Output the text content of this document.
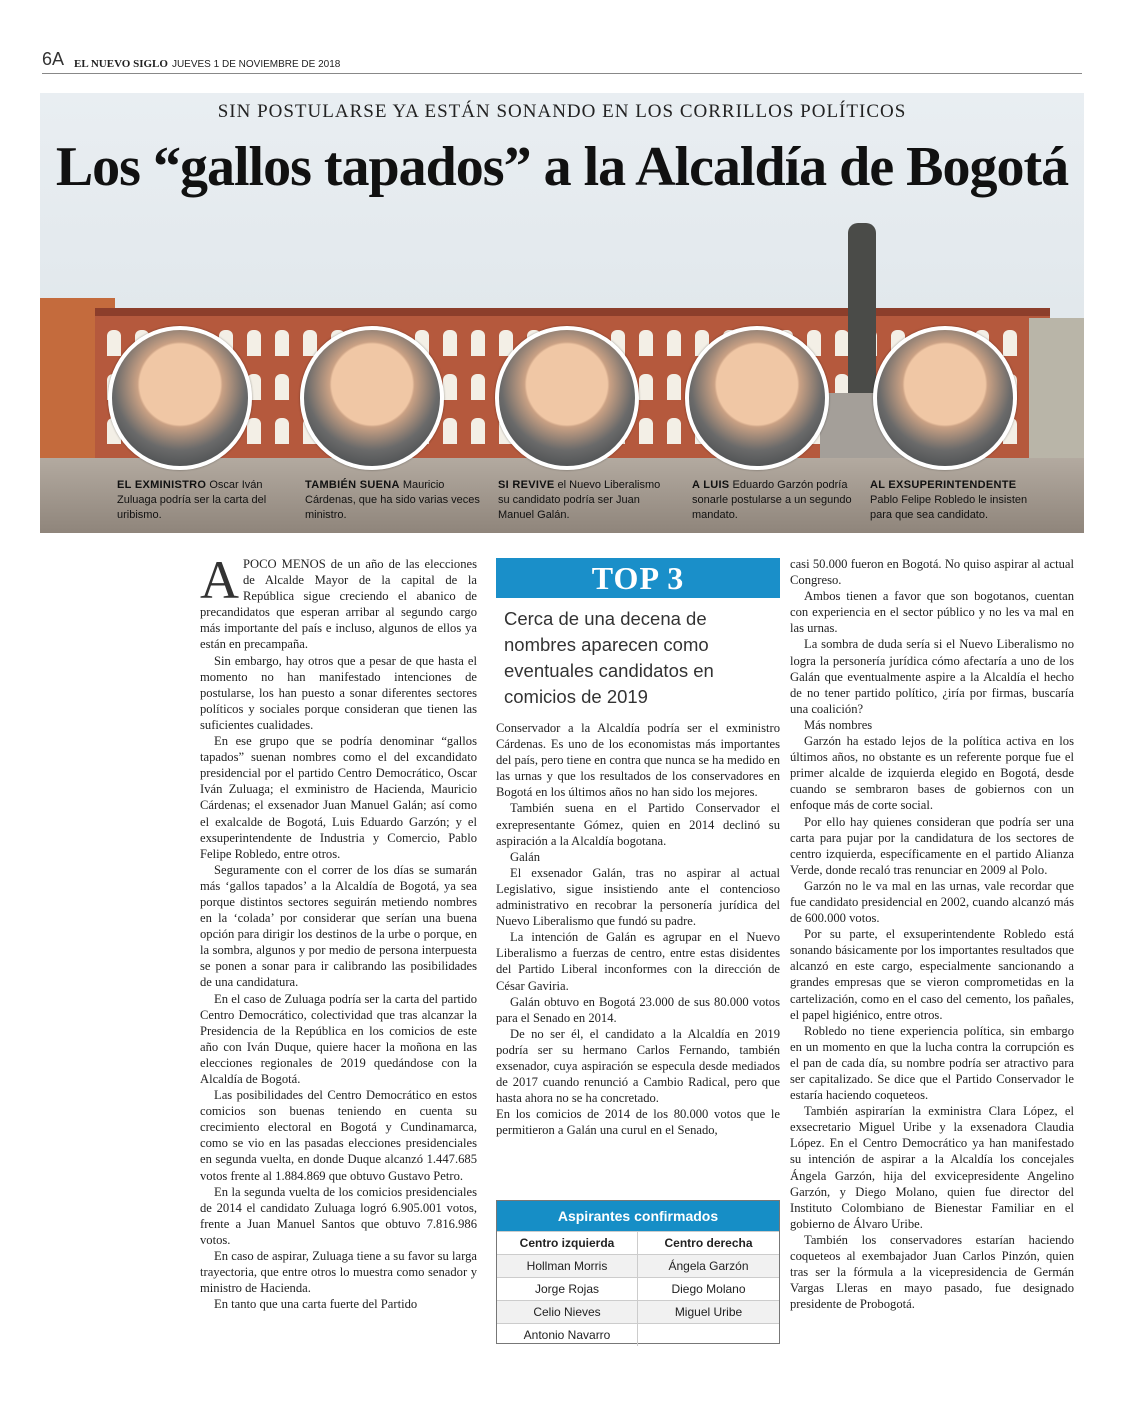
6A EL NUEVO SIGLO JUEVES 1 DE NOVIEMBRE DE 2018
SIN POSTULARSE YA ESTÁN SONANDO EN LOS CORRILLOS POLÍTICOS
Los “gallos tapados” a la Alcaldía de Bogotá
EL EXMINISTRO Oscar Iván Zuluaga podría ser la carta del uribismo.
TAMBIÉN SUENA Mauricio Cárdenas, que ha sido varias veces ministro.
SI REVIVE el Nuevo Liberalismo su candidato podría ser Juan Manuel Galán.
A LUIS Eduardo Garzón podría sonarle postularse a un segundo mandato.
AL EXSUPERINTENDENTE Pablo Felipe Robledo le insisten para que sea candidato.

APOCO MENOS de un año de las elecciones de Alcalde Mayor de la capital de la República sigue creciendo el abanico de precandidatos que esperan arribar al segundo cargo más importante del país e incluso, algunos de ellos ya están en precampaña.

Sin embargo, hay otros que a pesar de que hasta el momento no han manifestado intenciones de postularse, los han puesto a sonar diferentes sectores políticos y sociales porque consideran que tienen las suficientes cualidades.

En ese grupo que se podría denominar “gallos tapados” suenan nombres como el del excandidato presidencial por el partido Centro Democrático, Oscar Iván Zuluaga; el exministro de Hacienda, Mauricio Cárdenas; el exsenador Juan Manuel Galán; así como el exalcalde de Bogotá, Luis Eduardo Garzón; y el exsuperintendente de Industria y Comercio, Pablo Felipe Robledo, entre otros.

Seguramente con el correr de los días se sumarán más ‘gallos tapados’ a la Alcaldía de Bogotá, ya sea porque distintos sectores seguirán metiendo nombres en la ‘colada’ por considerar que serían una buena opción para dirigir los destinos de la urbe o porque, en la sombra, algunos y por medio de persona interpuesta se ponen a sonar para ir calibrando las posibilidades de una candidatura.

En el caso de Zuluaga podría ser la carta del partido Centro Democrático, colectividad que tras alcanzar la Presidencia de la República en los comicios de este año con Iván Duque, quiere hacer la moñona en las elecciones regionales de 2019 quedándose con la Alcaldía de Bogotá.

Las posibilidades del Centro Democrático en estos comicios son buenas teniendo en cuenta su crecimiento electoral en Bogotá y Cundinamarca, como se vio en las pasadas elecciones presidenciales en segunda vuelta, en donde Duque alcanzó 1.447.685 votos frente al 1.884.869 que obtuvo Gustavo Petro.

En la segunda vuelta de los comicios presidenciales de 2014 el candidato Zuluaga logró 6.905.001 votos, frente a Juan Manuel Santos que obtuvo 7.816.986 votos.

En caso de aspirar, Zuluaga tiene a su favor su larga trayectoria, que entre otros lo muestra como senador y ministro de Hacienda.

En tanto que una carta fuerte del Partido

TOP 3
Cerca de una decena de nombres aparecen como eventuales candidatos en comicios de 2019

Conservador a la Alcaldía podría ser el exministro Cárdenas. Es uno de los economistas más importantes del país, pero tiene en contra que nunca se ha medido en las urnas y que los resultados de los conservadores en Bogotá en los últimos años no han sido los mejores.

También suena en el Partido Conservador el exrepresentante Gómez, quien en 2014 declinó su aspiración a la Alcaldía bogotana.

Galán

El exsenador Galán, tras no aspirar al actual Legislativo, sigue insistiendo ante el contencioso administrativo en recobrar la personería jurídica del Nuevo Liberalismo que fundó su padre.

La intención de Galán es agrupar en el Nuevo Liberalismo a fuerzas de centro, entre estas disidentes del Partido Liberal inconformes con la dirección de César Gaviria.

Galán obtuvo en Bogotá 23.000 de sus 80.000 votos para el Senado en 2014.

De no ser él, el candidato a la Alcaldía en 2019 podría ser su hermano Carlos Fernando, también exsenador, cuya aspiración se especula desde mediados de 2017 cuando renunció a Cambio Radical, pero que hasta ahora no se ha concretado.

En los comicios de 2014 de los 80.000 votos que le permitieron a Galán una curul en el Senado,

Aspirantes confirmados
Centro izquierda	Centro derecha
Hollman Morris	Ángela Garzón
Jorge Rojas	Diego Molano
Celio Nieves	Miguel Uribe
Antonio Navarro

casi 50.000 fueron en Bogotá. No quiso aspirar al actual Congreso.

Ambos tienen a favor que son bogotanos, cuentan con experiencia en el sector público y no les va mal en las urnas.

La sombra de duda sería si el Nuevo Liberalismo no logra la personería jurídica cómo afectaría a uno de los Galán que eventualmente aspire a la Alcaldía el hecho de no tener partido político, ¿iría por firmas, buscaría una coalición?

Más nombres

Garzón ha estado lejos de la política activa en los últimos años, no obstante es un referente porque fue el primer alcalde de izquierda elegido en Bogotá, desde cuando se sembraron bases de gobiernos con un enfoque más de corte social.

Por ello hay quienes consideran que podría ser una carta para pujar por la candidatura de los sectores de centro izquierda, específicamente en el partido Alianza Verde, donde recaló tras renunciar en 2009 al Polo.

Garzón no le va mal en las urnas, vale recordar que fue candidato presidencial en 2002, cuando alcanzó más de 600.000 votos.

Por su parte, el exsuperintendente Robledo está sonando básicamente por los importantes resultados que alcanzó en este cargo, especialmente sancionando a grandes empresas que se vieron comprometidas en la cartelización, como en el caso del cemento, los pañales, el papel higiénico, entre otros.

Robledo no tiene experiencia política, sin embargo en un momento en que la lucha contra la corrupción es el pan de cada día, su nombre podría ser atractivo para ser capitalizado. Se dice que el Partido Conservador le estaría haciendo coqueteos.

También aspirarían la exministra Clara López, el exsecretario Miguel Uribe y la exsenadora Claudia López. En el Centro Democrático ya han manifestado su intención de aspirar a la Alcaldía los concejales Ángela Garzón, hija del exvicepresidente Angelino Garzón, y Diego Molano, quien fue director del Instituto Colombiano de Bienestar Familiar en el gobierno de Álvaro Uribe.

También los conservadores estarían haciendo coqueteos al exembajador Juan Carlos Pinzón, quien tras ser la fórmula a la vicepresidencia de Germán Vargas Lleras en mayo pasado, fue designado presidente de Probogotá.
